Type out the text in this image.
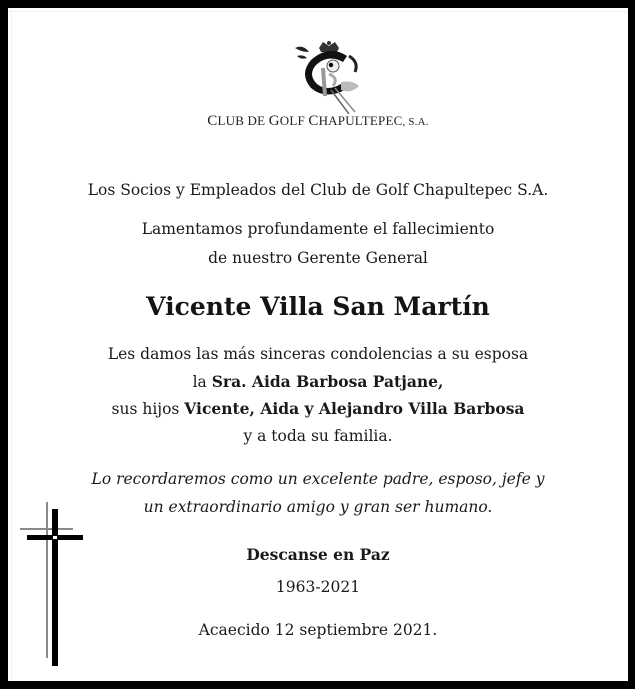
CLUB DE GOLF CHAPULTEPEC, S.A.
Los Socios y Empleados del Club de Golf Chapultepec S.A.
Lamentamos profundamente el fallecimiento
de nuestro Gerente General
Vicente Villa San Martín
Les damos las más sinceras condolencias a su esposa
la Sra. Aida Barbosa Patjane,
sus hijos Vicente, Aida y Alejandro Villa Barbosa
y a toda su familia.
Lo recordaremos como un excelente padre, esposo, jefe y
un extraordinario amigo y gran ser humano.
Descanse en Paz
1963-2021
Acaecido 12 septiembre 2021.
